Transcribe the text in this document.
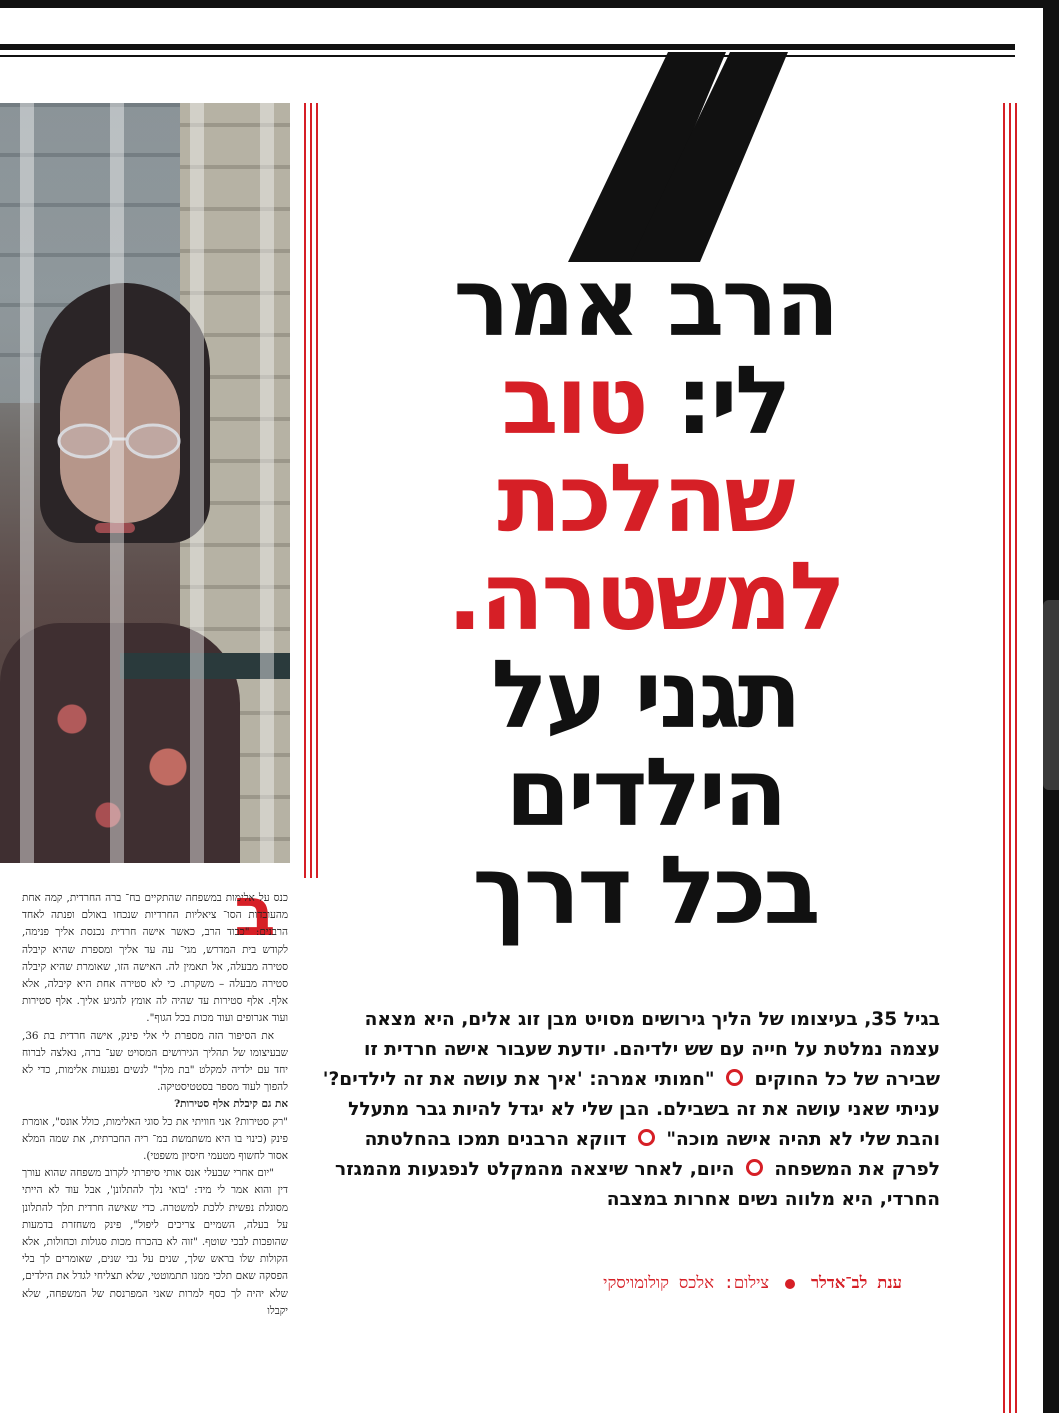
הרב אמר
לי: טוב
שהלכת
למשטרה.
תגני על
הילדים
בכל דרך
ב

כנס על אלימות במשפחה שהתקיים בח־ ברה החרדית, קמה אחת מהעובדות הסו־ ציאליות החרדיות שנכחו באולם ופנתה לאחד הרבנים: "כבוד הרב, כאשר אישה חרדית נכנסת אליך פנימה, לקודש בית המדרש, מגי־ עה עד אליך ומספרת שהיא קיבלה סטירה מבעלה, אל תאמין לה. האישה הזו, שאומרת שהיא קיבלה סטירה מבעלה – משקרת. כי לא סטירה אחת היא קיבלה, אלא אלף. אלף סטירות עד שהיה לה אומץ להגיע אליך. אלף סטירות ועוד אגרופים ועוד מכות בכל הגוף".

את הסיפור הזה מספרת לי אלי פינק, אישה חרדית בת 36, שבעיצומו של תהליך הגירושים המסויט שע־ ברה, נאלצה לברוח יחד עם ילדיה למקלט "בת מלך" לנשים נפגעות אלימות, כדי לא להפוך לעוד מספר בסטטיסטיקה.

את גם קיבלת אלף סטירות?

"רק סטירות? אני חוויתי את כל סוגי האלימות, כולל אונס", אומרת פינק (כינוי בו היא משתמשת במ־ ריה החברתית, את שמה המלא אסור לחשוף מטעמי חיסיון משפטי).

"יום אחרי שבעלי אנס אותי סיפרתי לקרוב משפחה שהוא עורך דין והוא אמר לי מיד: 'בואי נלך להתלונן', אבל עוד לא הייתי מסוגלת נפשית ללכת למשטרה. כדי שאישה חרדית תלך להתלונן על בעלה, השמיים צריכים ליפול", פינק משחזרת בדמעות שהופכות לבכי שוטף. "זוה לא בהכרח מכות סגולות וכחולות, אלא הקולות שלו בראש שלך, שנים על גבי שנים, שאומרים לך בלי הפסקה שאם תלכי ממנו תתמוטטי, שלא תצליחי לגדל את הילדים, שלא יהיה לך כסף למרות שאני המפרנסת של המשפחה, שלא יקבלו

בגיל 35, בעיצומו של הליך גירושים מסויט מבן זוג אלים, היא מצאה עצמה נמלטת על חייה עם שש ילדיהם. יודעת שעבור אישה חרדית זו שבירה של כל החוקים  "חמותי אמרה: 'איך את עושה את זה לילדים?' עניתי שאני עושה את זה בשבילם. הבן שלי לא יגדל להיות גבר מתעלל והבת שלי לא תהיה אישה מוכה"  דווקא הרבנים תמכו בהחלטתה לפרק את המשפחה  היום, לאחר שיצאה מהמקלט לנפגעות מהמגזר החרדי, היא מלווה נשים אחרות במצבה

ענת לב־אדלר  צילום: אלכס קולומויסקי
